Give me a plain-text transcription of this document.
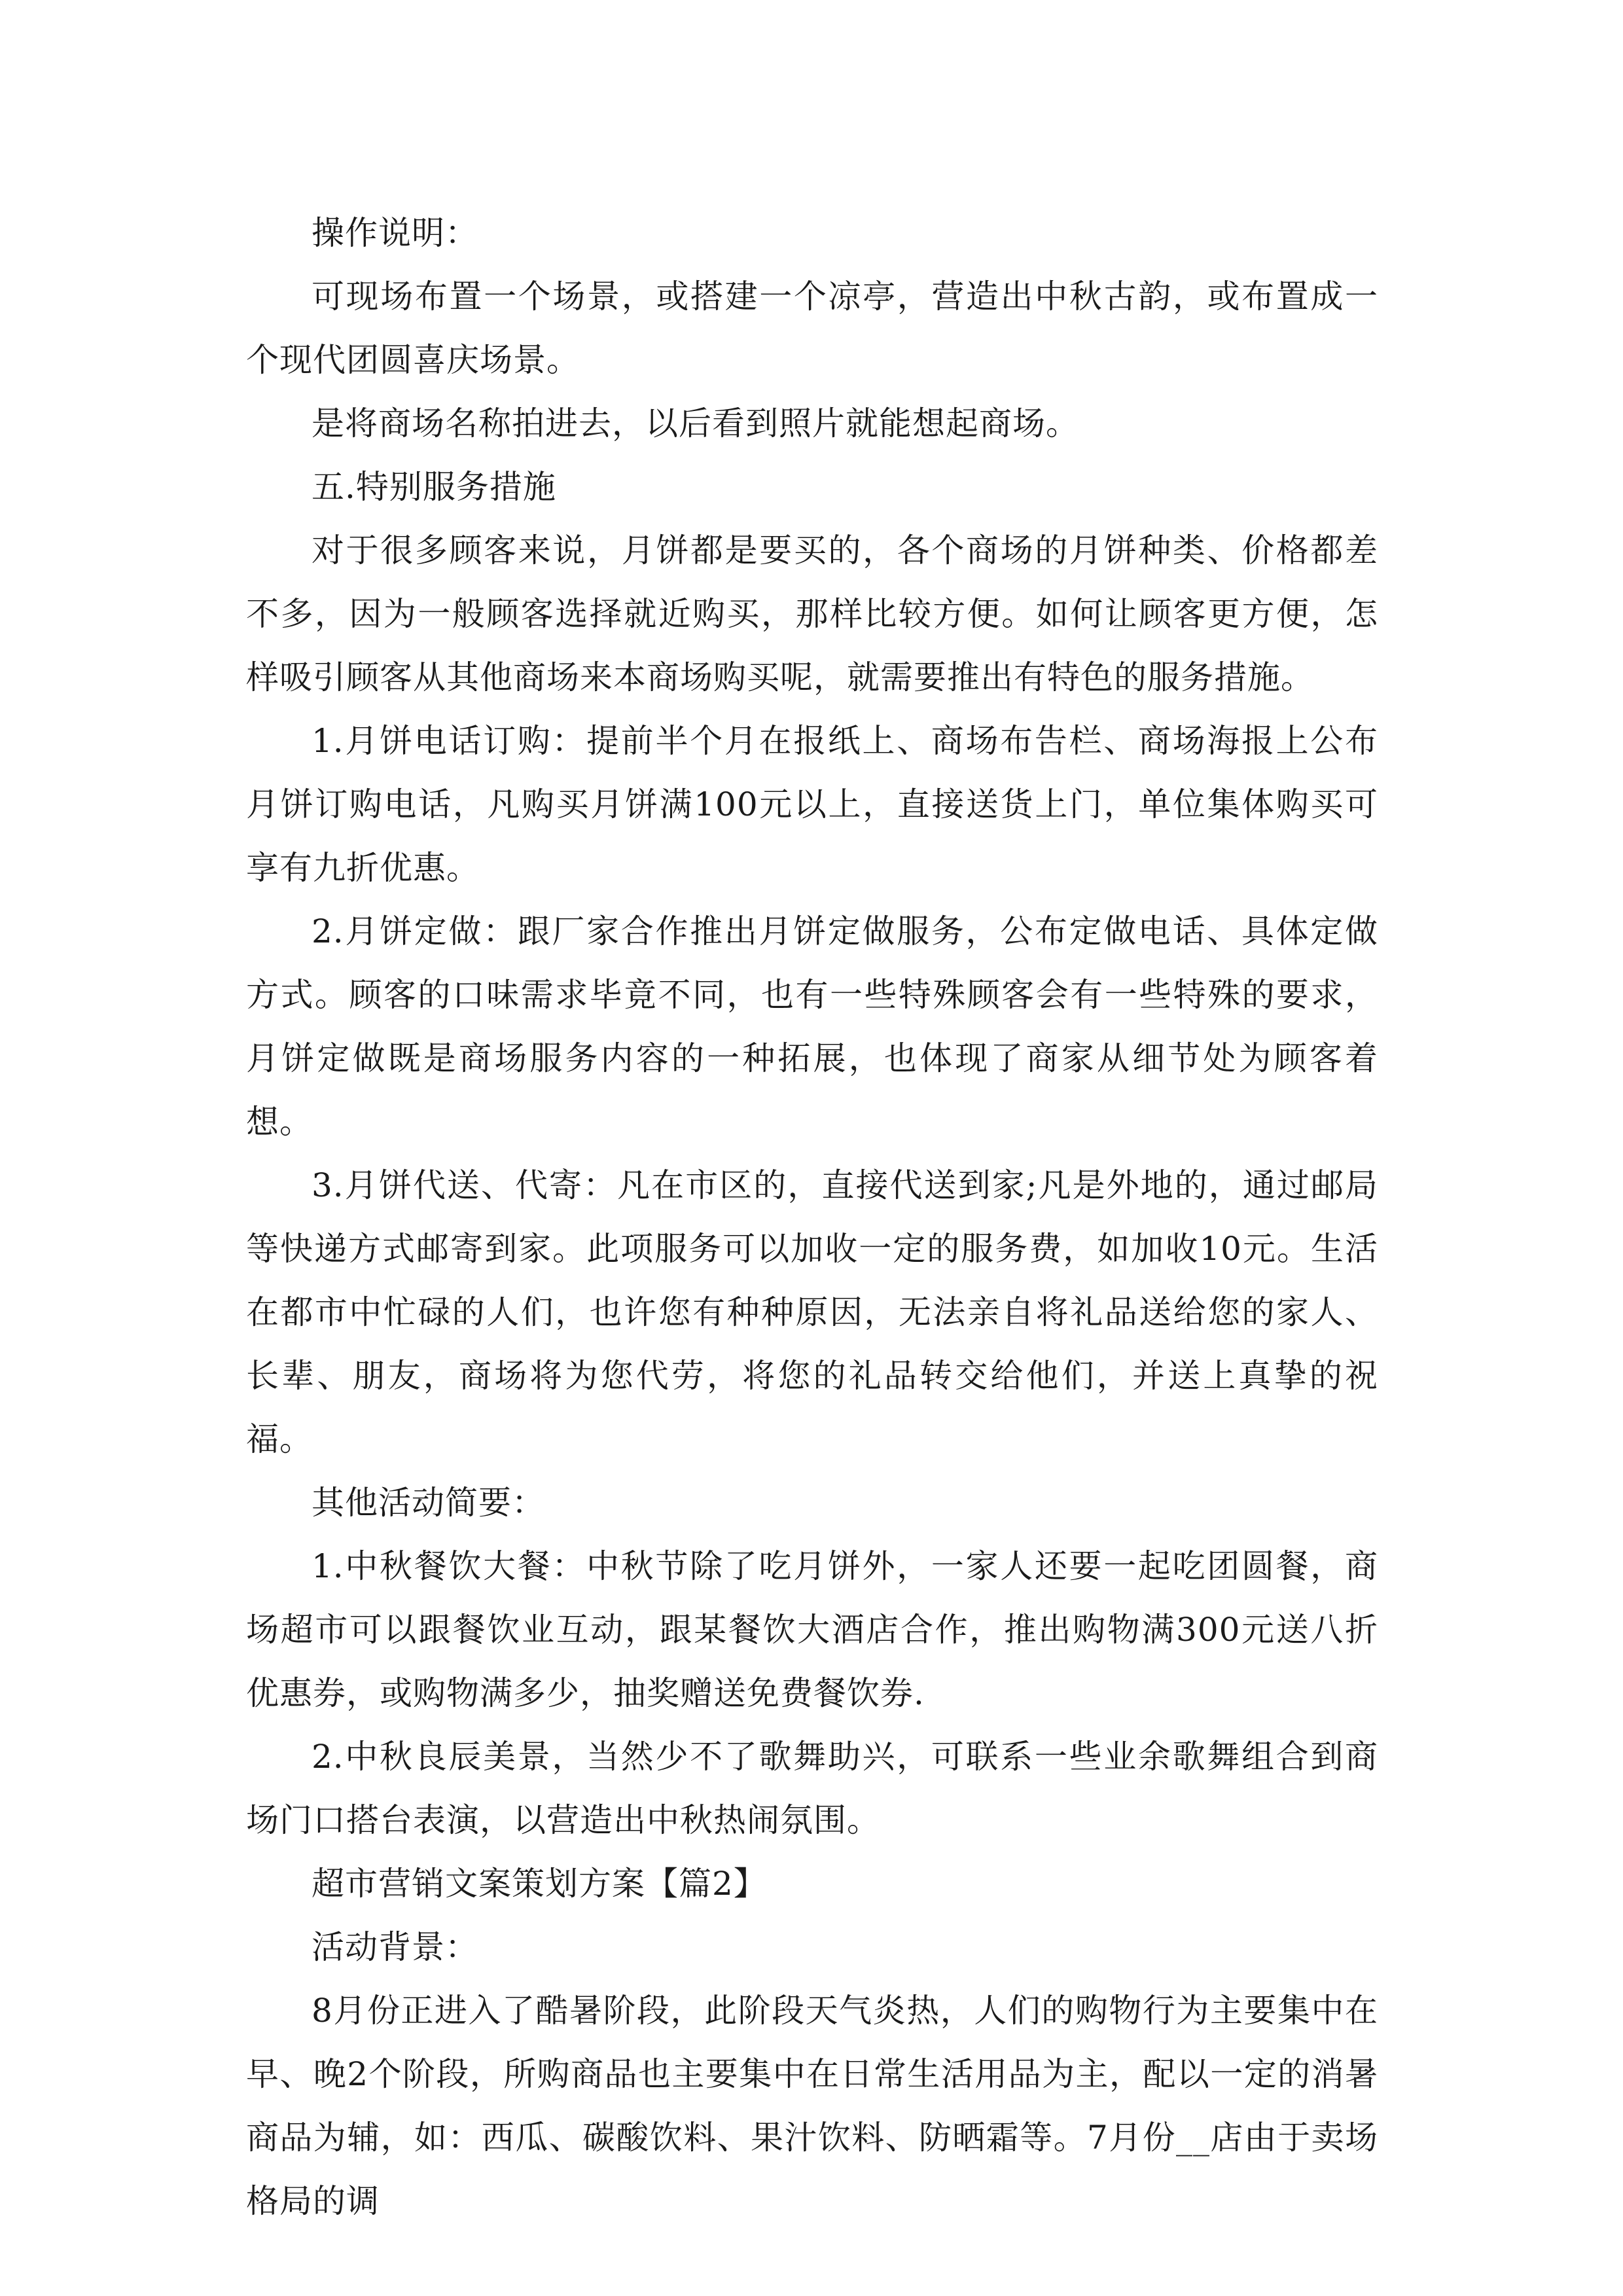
操作说明：

可现场布置一个场景，或搭建一个凉亭，营造出中秋古韵，或布置成一个现代团圆喜庆场景。

是将商场名称拍进去，以后看到照片就能想起商场。

五.特别服务措施

对于很多顾客来说，月饼都是要买的，各个商场的月饼种类、价格都差不多，因为一般顾客选择就近购买，那样比较方便。如何让顾客更方便，怎样吸引顾客从其他商场来本商场购买呢，就需要推出有特色的服务措施。

1.月饼电话订购：提前半个月在报纸上、商场布告栏、商场海报上公布月饼订购电话，凡购买月饼满100元以上，直接送货上门，单位集体购买可享有九折优惠。

2.月饼定做：跟厂家合作推出月饼定做服务，公布定做电话、具体定做方式。顾客的口味需求毕竟不同，也有一些特殊顾客会有一些特殊的要求，月饼定做既是商场服务内容的一种拓展，也体现了商家从细节处为顾客着想。

3.月饼代送、代寄：凡在市区的，直接代送到家;凡是外地的，通过邮局等快递方式邮寄到家。此项服务可以加收一定的服务费，如加收10元。生活在都市中忙碌的人们，也许您有种种原因，无法亲自将礼品送给您的家人、长辈、朋友，商场将为您代劳，将您的礼品转交给他们，并送上真挚的祝福。

其他活动简要：

1.中秋餐饮大餐：中秋节除了吃月饼外，一家人还要一起吃团圆餐，商场超市可以跟餐饮业互动，跟某餐饮大酒店合作，推出购物满300元送八折优惠券，或购物满多少，抽奖赠送免费餐饮券.

2.中秋良辰美景，当然少不了歌舞助兴，可联系一些业余歌舞组合到商场门口搭台表演，以营造出中秋热闹氛围。

超市营销文案策划方案【篇2】

活动背景：

8月份正进入了酷暑阶段，此阶段天气炎热，人们的购物行为主要集中在早、晚2个阶段，所购商品也主要集中在日常生活用品为主，配以一定的消暑商品为辅，如：西瓜、碳酸饮料、果汁饮料、防晒霜等。7月份__店由于卖场格局的调
